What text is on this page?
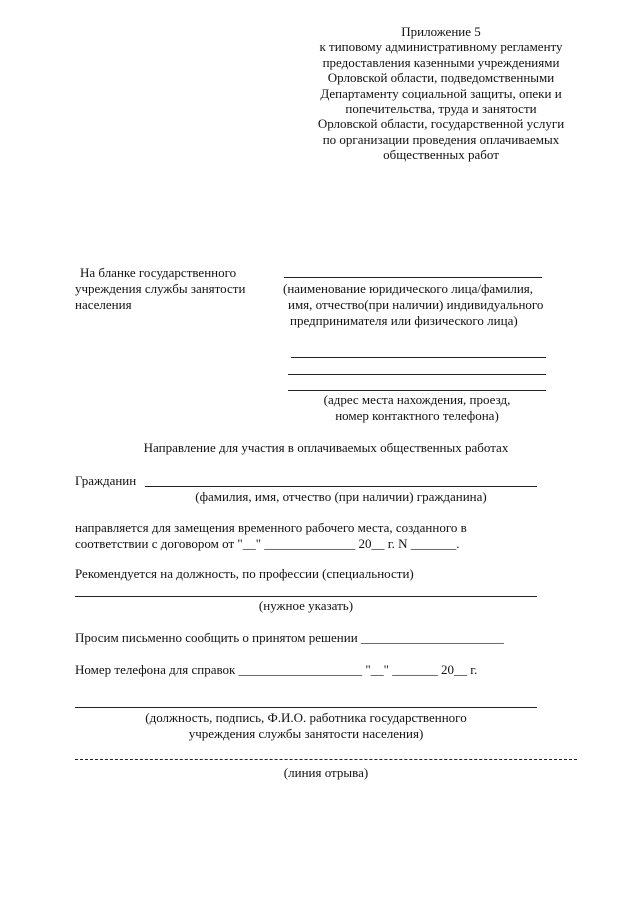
Приложение 5
к типовому административному регламенту
предоставления казенными учреждениями
Орловской области, подведомственными
Департаменту социальной защиты, опеки и
попечительства, труда и занятости
Орловской области, государственной услуги
по организации проведения оплачиваемых
общественных работ
На бланке государственного
учреждения службы занятости
населения
(наименование юридического лица/фамилия,
имя, отчество(при наличии) индивидуального
предпринимателя или физического лица)
(адрес места нахождения, проезд,
номер контактного телефона)
Направление для участия в оплачиваемых общественных работах
Гражданин
(фамилия, имя, отчество (при наличии) гражданина)
направляется для замещения временного рабочего места, созданного в
соответствии с договором от "__" ______________ 20__ г. N _______.
Рекомендуется на должность, по профессии (специальности)
(нужное указать)
Просим письменно сообщить о принятом решении ______________________
Номер телефона для справок ___________________ "__" _______ 20__ г.
(должность, подпись, Ф.И.О. работника государственного
учреждения службы занятости населения)
(линия отрыва)
